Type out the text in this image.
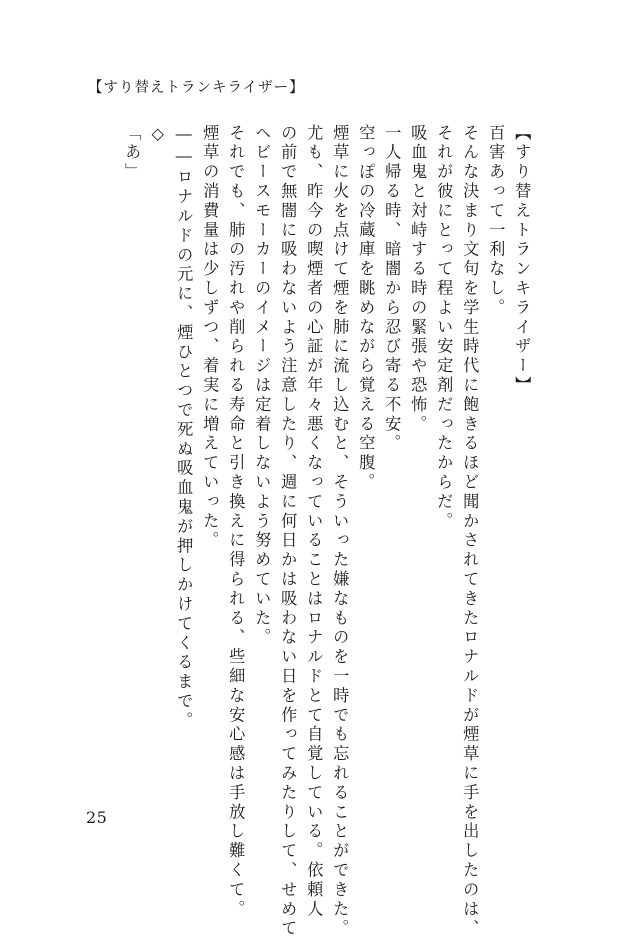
【すり替えトランキライザー】
【すり替えトランキライザー】
百害あって一利なし。
そんな決まり文句を学生時代に飽きるほど聞かされてきたロナルドが煙草に手を出したのは、
それが彼にとって程よい安定剤だったからだ。
吸血鬼と対峙する時の緊張や恐怖。
一人帰る時、暗闇から忍び寄る不安。
空っぽの冷蔵庫を眺めながら覚える空腹。
煙草に火を点けて煙を肺に流し込むと、そういった嫌なものを一時でも忘れることができた。
尤も、昨今の喫煙者の心証が年々悪くなっていることはロナルドとて自覚している。依頼人
の前で無闇に吸わないよう注意したり、週に何日かは吸わない日を作ってみたりして、せめて
ヘビースモーカーのイメージは定着しないよう努めていた。
それでも、肺の汚れや削られる寿命と引き換えに得られる、些細な安心感は手放し難くて。
煙草の消費量は少しずつ、着実に増えていった。
――ロナルドの元に、煙ひとつで死ぬ吸血鬼が押しかけてくるまで。
◇
「あ」
25
